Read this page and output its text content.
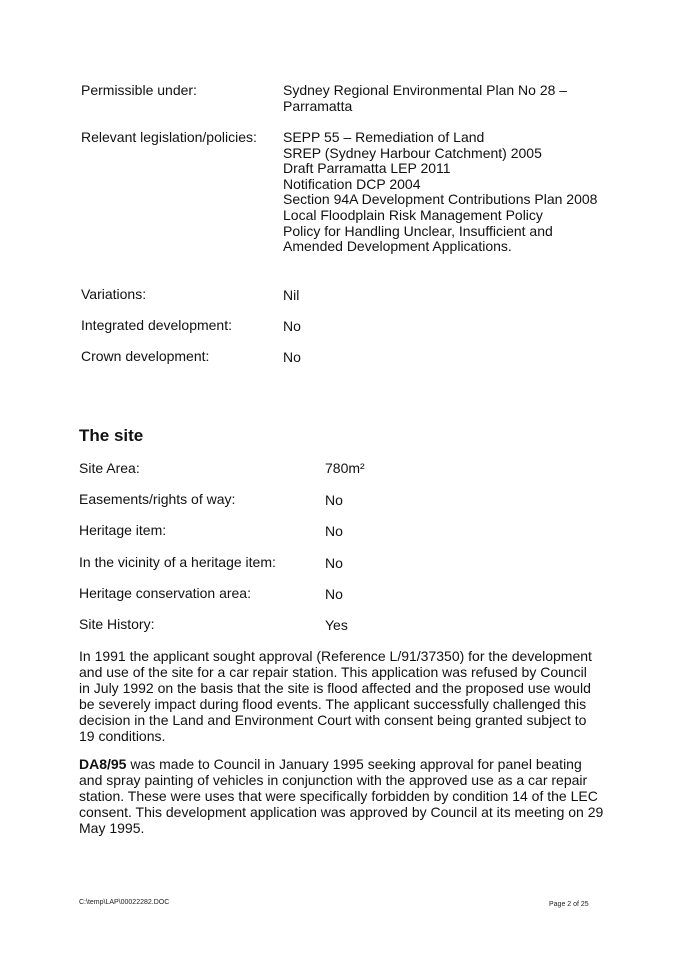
Permissible under:	Sydney Regional Environmental Plan No 28 –
Parramatta
Relevant legislation/policies: SEPP 55 – Remediation of Land
SREP (Sydney Harbour Catchment) 2005
Draft Parramatta LEP 2011
Notification DCP 2004
Section 94A Development Contributions Plan 2008
Local Floodplain Risk Management Policy
Policy for Handling Unclear, Insufficient and
Amended Development Applications.
Variations:	Nil
Integrated development:	No
Crown development:	No
The site
Site Area:	780m²
Easements/rights of way:	No
Heritage item:	No
In the vicinity of a heritage item:	No
Heritage conservation area:	No
Site History:	Yes
In 1991 the applicant sought approval (Reference L/91/37350) for the development
and use of the site for a car repair station. This application was refused by Council
in July 1992 on the basis that the site is flood affected and the proposed use would
be severely impact during flood events. The applicant successfully challenged this
decision in the Land and Environment Court with consent being granted subject to
19 conditions.
DA8/95 was made to Council in January 1995 seeking approval for panel beating
and spray painting of vehicles in conjunction with the approved use as a car repair
station. These were uses that were specifically forbidden by condition 14 of the LEC
consent. This development application was approved by Council at its meeting on 29
May 1995.
C:\temp\LAP\00022282.DOC	Page 2 of 25
